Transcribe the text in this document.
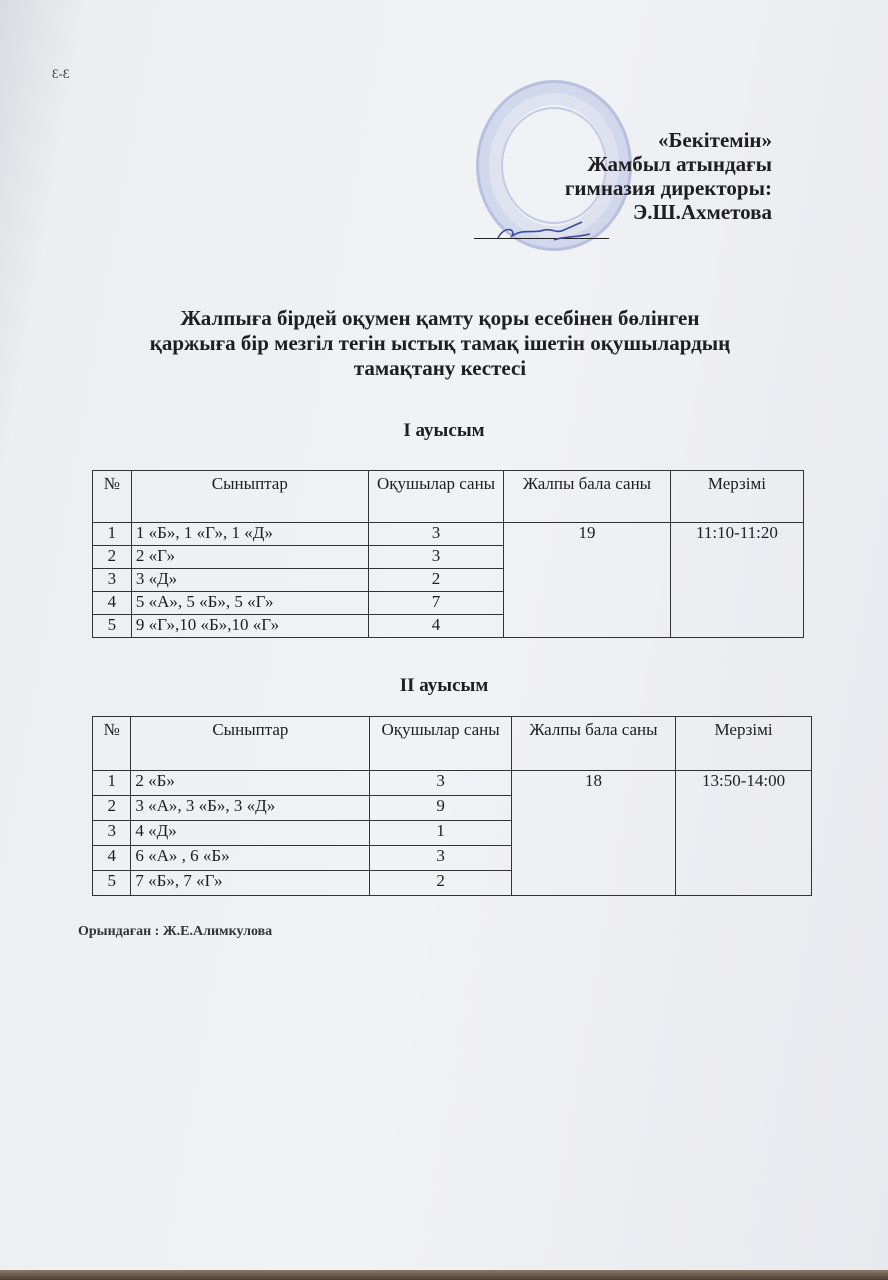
3-3
«Бекітемін»
Жамбыл атындағы
гимназия директоры:
Э.Ш.Ахметова
Жалпыға бірдей оқумен қамту қоры есебінен бөлінген
қаржыға бір мезгіл тегін ыстық тамақ ішетін оқушылардың
тамақтану кестесі
I ауысым
№	Сыныптар	Оқушылар саны	Жалпы бала саны	Мерзімі
1	1 «Б», 1 «Г», 1 «Д»	3	19	11:10-11:20
2	2 «Г»	3		
3	3 «Д»	2		
4	5 «А», 5 «Б», 5 «Г»	7		
5	9 «Г»,10 «Б»,10 «Г»	4		
II ауысым
№	Сыныптар	Оқушылар саны	Жалпы бала саны	Мерзімі
1	2 «Б»	3	18	13:50-14:00
2	3 «А», 3 «Б», 3 «Д»	9		
3	4 «Д»	1		
4	6 «А» , 6 «Б»	3		
5	7 «Б», 7 «Г»	2		
Орындаған : Ж.Е.Алимкулова
